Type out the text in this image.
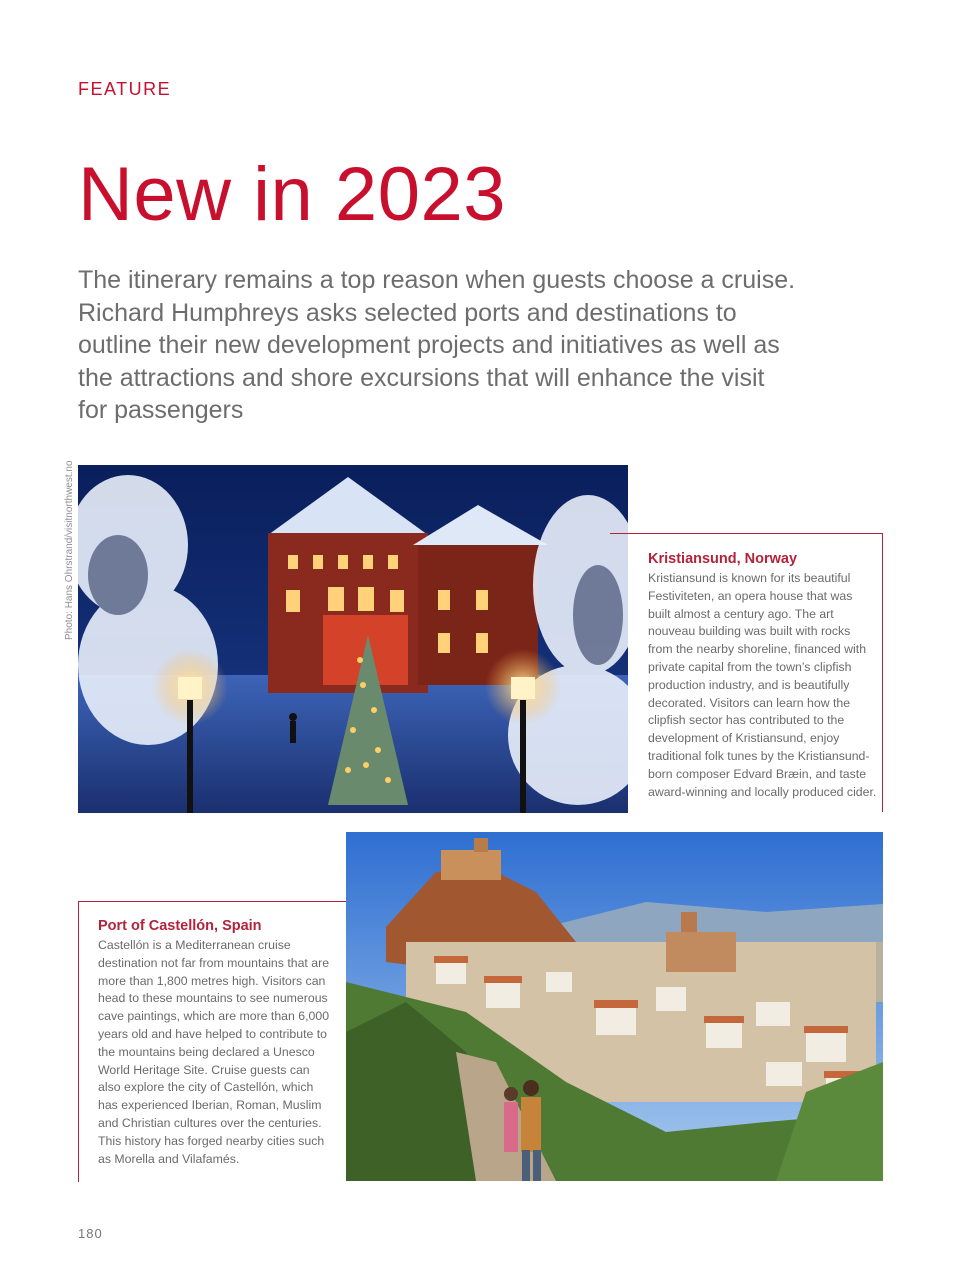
FEATURE

New in 2023

The itinerary remains a top reason when guests choose a cruise. Richard Humphreys asks selected ports and destinations to outline their new development projects and initiatives as well as the attractions and shore excursions that will enhance the visit for passengers

Photo: Hans Ohrstrand/visitnorthwest.no	Kristiansund, Norway

Kristiansund is known for its beautiful Festiviteten, an opera house that was built almost a century ago. The art nouveau building was built with rocks from the nearby shoreline, financed with private capital from the town’s clipfish production industry, and is beautifully decorated. Visitors can learn how the clipfish sector has contributed to the development of Kristiansund, enjoy traditional folk tunes by the Kristiansund-born composer Edvard Bræin, and taste award-winning and locally produced cider.

Port of Castellón, Spain

Castellón is a Mediterranean cruise destination not far from mountains that are more than 1,800 metres high. Visitors can head to these mountains to see numerous cave paintings, which are more than 6,000 years old and have helped to contribute to the mountains being declared a Unesco World Heritage Site. Cruise guests can also explore the city of Castellón, which has experienced Iberian, Roman, Muslim and Christian cultures over the centuries. This history has forged nearby cities such as Morella and Vilafamés.

180
